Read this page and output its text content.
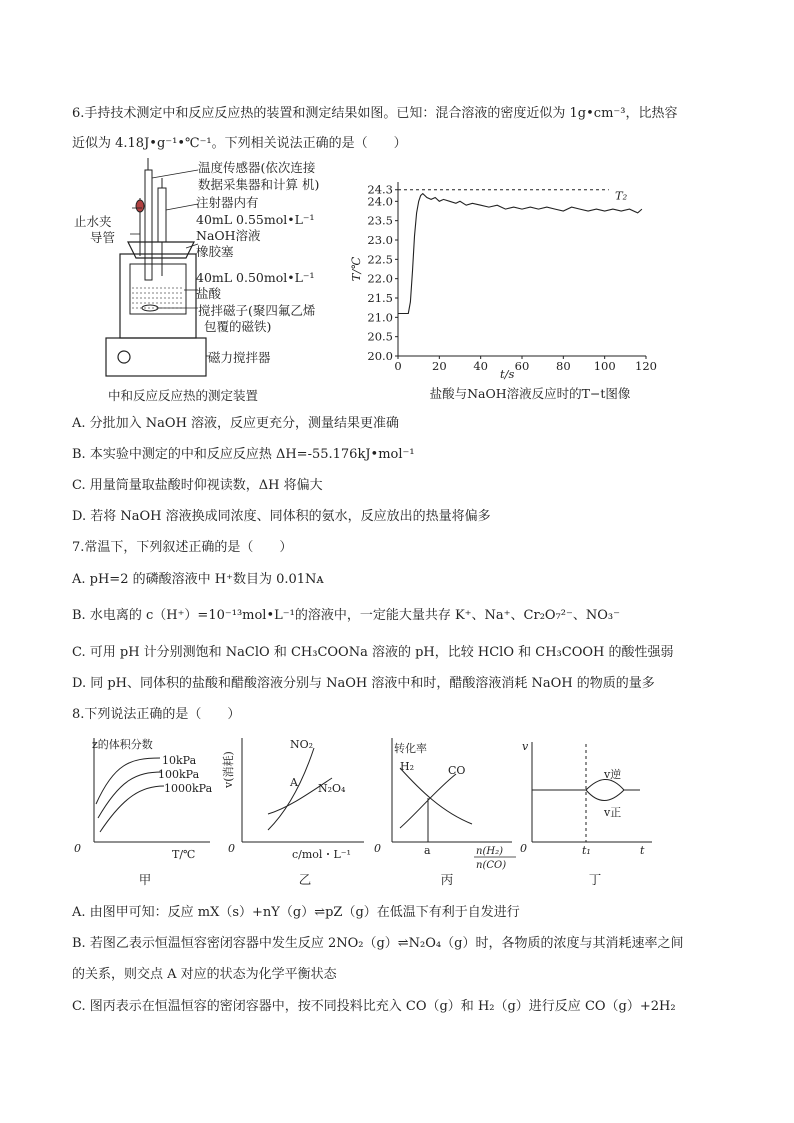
6.手持技术测定中和反应反应热的装置和测定结果如图。已知：混合溶液的密度近似为 1g•cm⁻³，比热容
近似为 4.18J•g⁻¹•℃⁻¹。下列相关说法正确的是（　　）
温度传感器(依次连接
数据采集器和计算 机)
注射器内有
40mL 0.55mol•L⁻¹
NaOH溶液
止水夹
导管
橡胶塞
40mL 0.50mol•L⁻¹
盐酸
搅拌磁子(聚四氟乙烯
包覆的磁铁)
磁力搅拌器
中和反应反应热的测定装置
0	20 40 60 80 100 120
20.0
20.5
21.0
21.5
22.0
22.5
23.0
23.5
24.0
24.3	T₂
t/s
T/℃
盐酸与NaOH溶液反应时的T−t图像
A. 分批加入 NaOH 溶液，反应更充分，测量结果更准确
B. 本实验中测定的中和反应反应热 ΔH=-55.176kJ•mol⁻¹
C. 用量筒量取盐酸时仰视读数，ΔH 将偏大
D. 若将 NaOH 溶液换成同浓度、同体积的氨水，反应放出的热量将偏多
7.常温下，下列叙述正确的是（　　）
A. pH=2 的磷酸溶液中 H⁺数目为 0.01Nᴀ
B. 水电离的 c（H⁺）=10⁻¹³mol•L⁻¹的溶液中，一定能大量共存 K⁺、Na⁺、Cr₂O₇²⁻、NO₃⁻
C. 可用 pH 计分别测饱和 NaClO 和 CH₃COONa 溶液的 pH，比较 HClO 和 CH₃COOH 的酸性强弱
D. 同 pH、同体积的盐酸和醋酸溶液分别与 NaOH 溶液中和时，醋酸溶液消耗 NaOH 的物质的量多
8.下列说法正确的是（　　）
z的体积分数
10kPa
100kPa
1000kPa
0	T/℃
甲
v(消耗)
NO₂
N₂O₄
A
0	c/mol・L⁻¹
乙
转化率
H₂	CO
a
0	n(H₂)
n(CO)
丙
v
v逆
v正
t₁
0	t
丁
A. 由图甲可知：反应 mX（s）+nY（g）⇌pZ（g）在低温下有利于自发进行
B. 若图乙表示恒温恒容密闭容器中发生反应 2NO₂（g）⇌N₂O₄（g）时，各物质的浓度与其消耗速率之间
的关系，则交点 A 对应的状态为化学平衡状态
C. 图丙表示在恒温恒容的密闭容器中，按不同投料比充入 CO（g）和 H₂（g）进行反应 CO（g）+2H₂
